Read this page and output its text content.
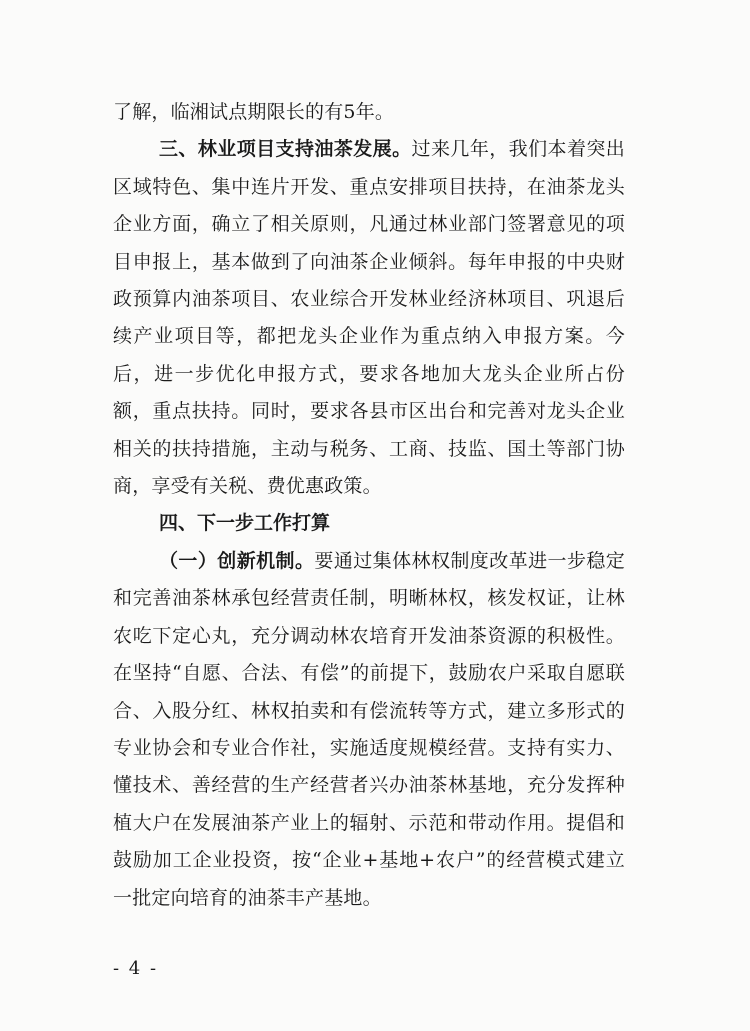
了解，临湘试点期限长的有5年。

三、林业项目支持油茶发展。过来几年，我们本着突出区域特色、集中连片开发、重点安排项目扶持，在油茶龙头企业方面，确立了相关原则，凡通过林业部门签署意见的项目申报上，基本做到了向油茶企业倾斜。每年申报的中央财政预算内油茶项目、农业综合开发林业经济林项目、巩退后续产业项目等，都把龙头企业作为重点纳入申报方案。今后，进一步优化申报方式，要求各地加大龙头企业所占份额，重点扶持。同时，要求各县市区出台和完善对龙头企业相关的扶持措施，主动与税务、工商、技监、国土等部门协商，享受有关税、费优惠政策。

四、下一步工作打算

（一）创新机制。要通过集体林权制度改革进一步稳定和完善油茶林承包经营责任制，明晰林权，核发权证，让林农吃下定心丸，充分调动林农培育开发油茶资源的积极性。在坚持“自愿、合法、有偿”的前提下，鼓励农户采取自愿联合、入股分红、林权拍卖和有偿流转等方式，建立多形式的专业协会和专业合作社，实施适度规模经营。支持有实力、懂技术、善经营的生产经营者兴办油茶林基地，充分发挥种植大户在发展油茶产业上的辐射、示范和带动作用。提倡和鼓励加工企业投资，按“企业+基地+农户”的经营模式建立一批定向培育的油茶丰产基地。

- 4 -
